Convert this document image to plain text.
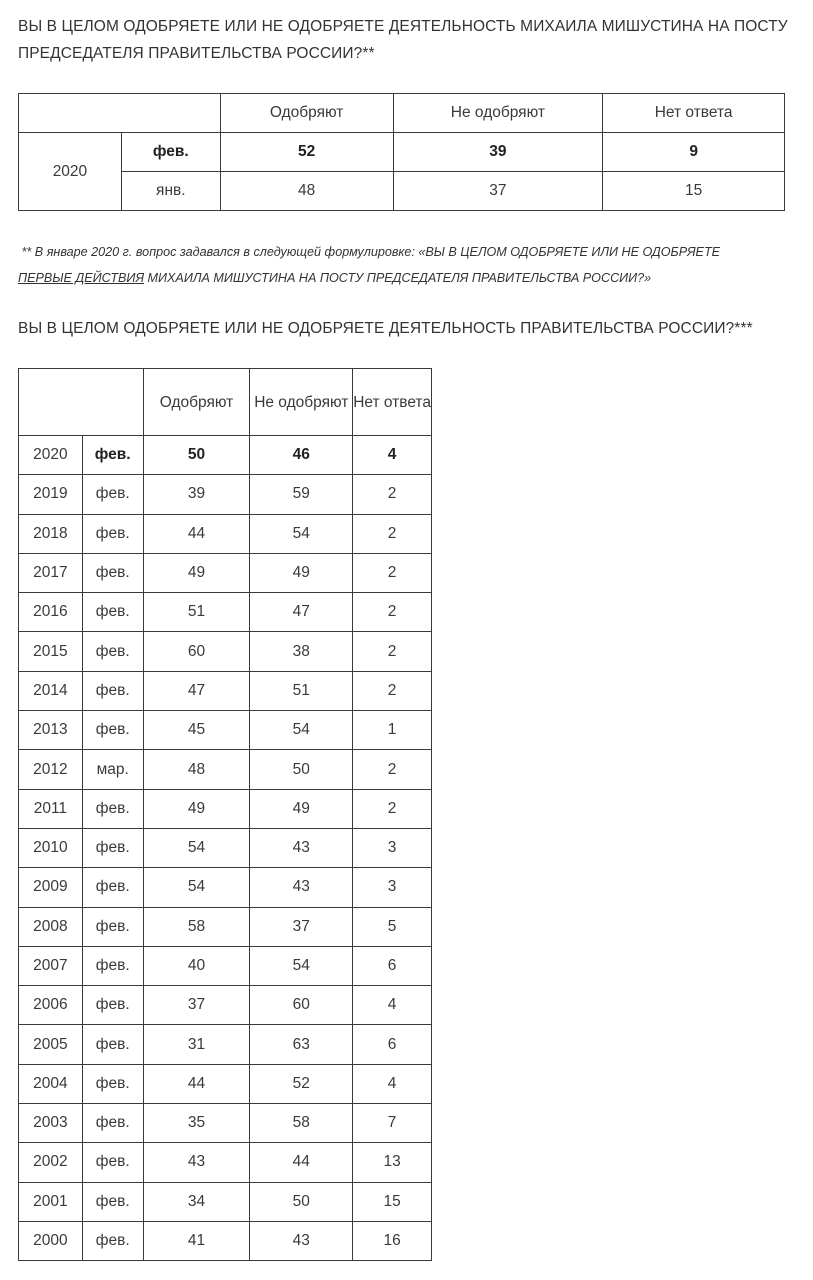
ВЫ В ЦЕЛОМ ОДОБРЯЕТЕ ИЛИ НЕ ОДОБРЯЕТЕ ДЕЯТЕЛЬНОСТЬ МИХАИЛА МИШУСТИНА НА ПОСТУ ПРЕДСЕДАТЕЛЯ ПРАВИТЕЛЬСТВА РОССИИ?**
		Одобряют	Не одобряют	Нет ответа
2020	фев.	52	39	9
	янв.	48	37	15

** В январе 2020 г. вопрос задавался в следующей формулировке: «ВЫ В ЦЕЛОМ ОДОБРЯЕТЕ ИЛИ НЕ ОДОБРЯЕТЕ
ПЕРВЫЕ ДЕЙСТВИЯ МИХАИЛА МИШУСТИНА НА ПОСТУ ПРЕДСЕДАТЕЛЯ ПРАВИТЕЛЬСТВА РОССИИ?»

ВЫ В ЦЕЛОМ ОДОБРЯЕТЕ ИЛИ НЕ ОДОБРЯЕТЕ ДЕЯТЕЛЬНОСТЬ ПРАВИТЕЛЬСТВА РОССИИ?***
		Одобряют	Не одобряют	Нет ответа
2020	фев.	50	46	4
2019	фев.	39	59	2
2018	фев.	44	54	2
2017	фев.	49	49	2
2016	фев.	51	47	2
2015	фев.	60	38	2
2014	фев.	47	51	2
2013	фев.	45	54	1
2012	мар.	48	50	2
2011	фев.	49	49	2
2010	фев.	54	43	3
2009	фев.	54	43	3
2008	фев.	58	37	5
2007	фев.	40	54	6
2006	фев.	37	60	4
2005	фев.	31	63	6
2004	фев.	44	52	4
2003	фев.	35	58	7
2002	фев.	43	44	13
2001	фев.	34	50	15
2000	фев.	41	43	16
